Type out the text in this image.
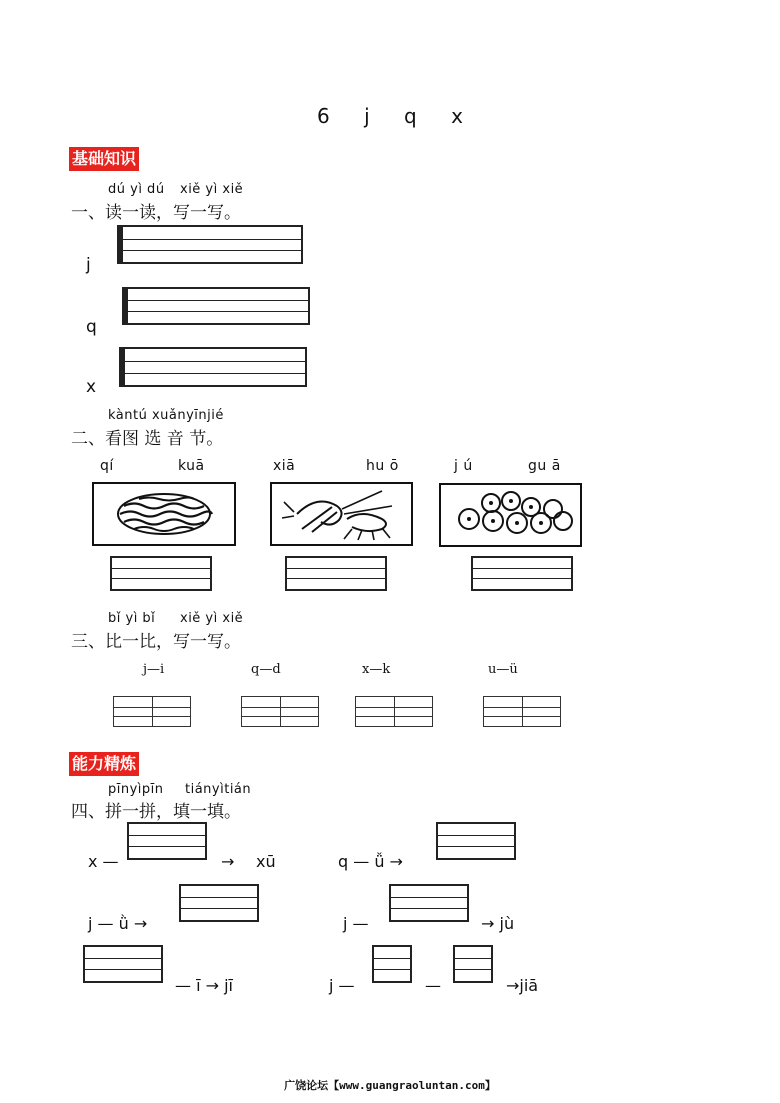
6 j q x
基础知识
dú yì dú xiě yì xiě
一、读一读，写一写。
j
q
x
kàntú xuǎnyīnjié
二、看图 选 音 节。
qí	kuā	xiā	hu ō	j ú	gu ā
bǐ yì bǐ xiě yì xiě
三、比一比，写一写。
j—i	q—d	x—k	u—ü
能力精炼
pīnyìpīn tiányìtián
四、拼一拼，填一填。
x —	→ xū	q — ǚ →
j — ǜ →	j —	→ jù
— ī → jī	j —	—	→jiā
广饶论坛【www.guangraoluntan.com】
